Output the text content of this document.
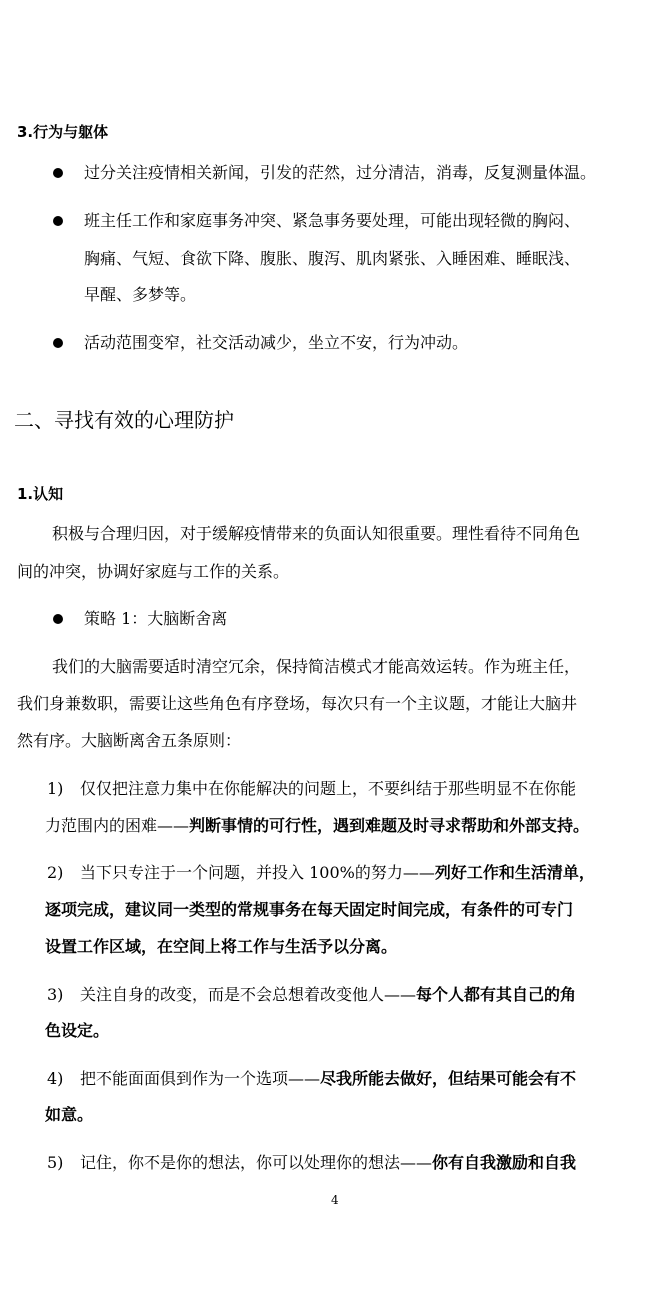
3.行为与躯体
过分关注疫情相关新闻，引发的茫然，过分清洁，消毒，反复测量体温。
班主任工作和家庭事务冲突、紧急事务要处理，可能出现轻微的胸闷、
胸痛、气短、食欲下降、腹胀、腹泻、肌肉紧张、入睡困难、睡眠浅、
早醒、多梦等。
活动范围变窄，社交活动减少，坐立不安，行为冲动。
二、寻找有效的心理防护
1.认知
积极与合理归因，对于缓解疫情带来的负面认知很重要。理性看待不同角色
间的冲突，协调好家庭与工作的关系。
策略 1：大脑断舍离
我们的大脑需要适时清空冗余，保持简洁模式才能高效运转。作为班主任，
我们身兼数职，需要让这些角色有序登场，每次只有一个主议题，才能让大脑井
然有序。大脑断离舍五条原则：
1) 仅仅把注意力集中在你能解决的问题上，不要纠结于那些明显不在你能
力范围内的困难——判断事情的可行性，遇到难题及时寻求帮助和外部支持。
2) 当下只专注于一个问题，并投入 100%的努力——列好工作和生活清单，
逐项完成，建议同一类型的常规事务在每天固定时间完成，有条件的可专门
设置工作区域，在空间上将工作与生活予以分离。
3) 关注自身的改变，而是不会总想着改变他人——每个人都有其自己的角
色设定。
4) 把不能面面俱到作为一个选项——尽我所能去做好，但结果可能会有不
如意。
5) 记住，你不是你的想法，你可以处理你的想法——你有自我激励和自我
4
